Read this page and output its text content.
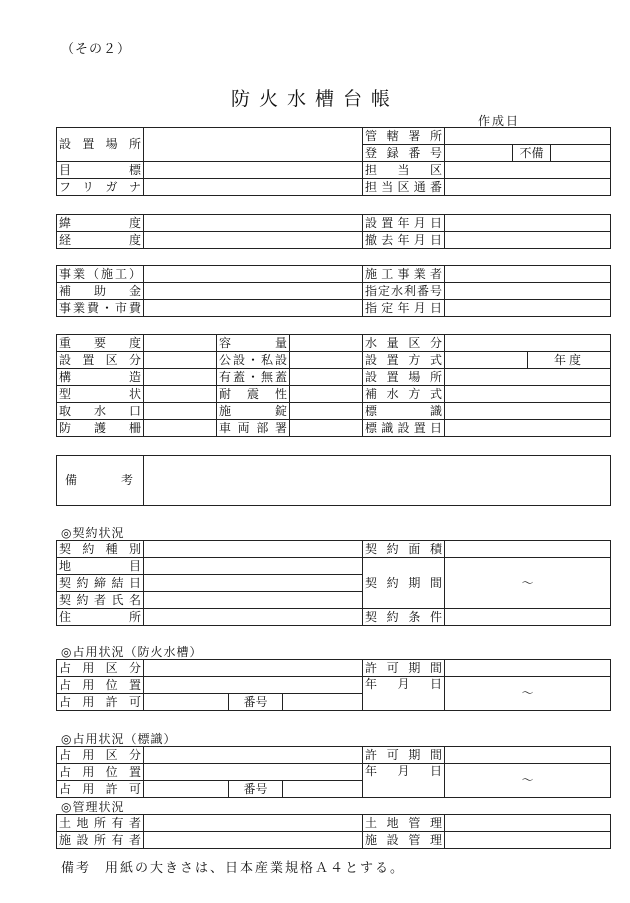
（その２）
防火水槽台帳
作成日
設置場所		管轄署所			
		登録番号		不備	
目標		担当区			
フリガナ		担当区通番			
緯度		設置年月日	
経度		撤去年月日	
事業（施工）		施工事業者	
補助金		指定水利番号	
事業費・市費		指定年月日	
重要度		容量		水量区分		
設置区分		公設・私設		設置方式		年度
構造		有蓋・無蓋		設置場所		
型状		耐震性		補水方式		
取水口		施錠		標識		
防護柵		車両部署		標識設置日		
備考	
◎契約状況
契約種別		契約面積	
地目		契約期間	～
契約締結日			
契約者氏名			
住所		契約条件	
◎占用状況（防火水槽）
占用区分				許可期間	
占用位置				年　月　日	～
占用許可		番号			
◎占用状況（標識）
占用区分				許可期間	
占用位置				年　月　日	～
占用許可		番号			
◎管理状況
土地所有者		土地管理	
施設所有者		施設管理	
備考 用紙の大きさは、日本産業規格Ａ４とする。
